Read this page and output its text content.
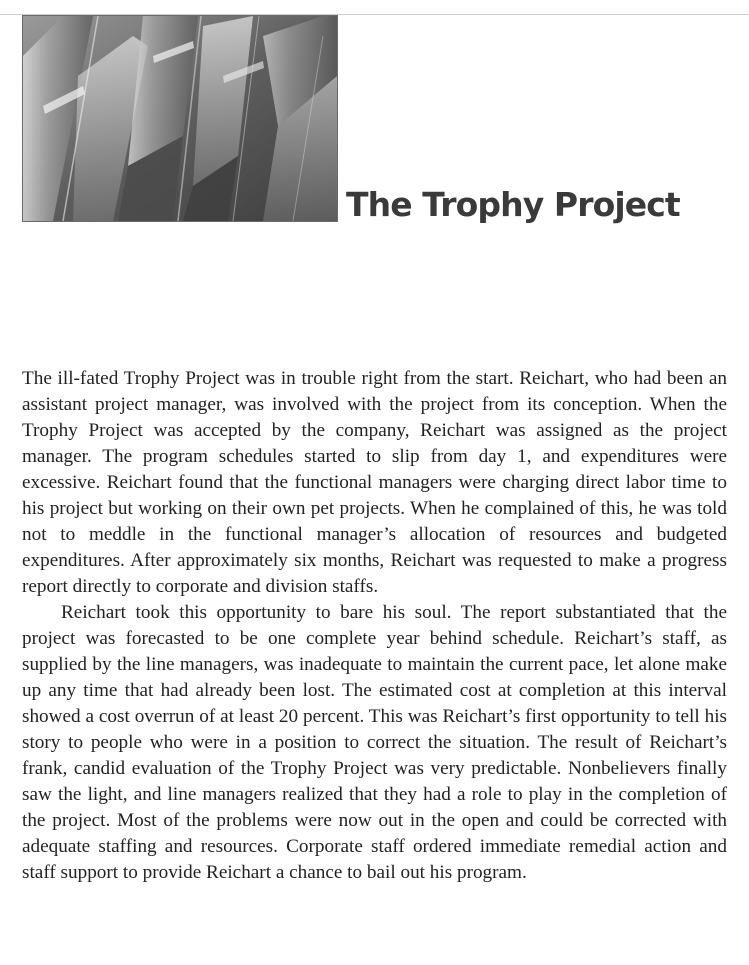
The Trophy Project

The ill-fated Trophy Project was in trouble right from the start. Reichart, who had been an assistant project manager, was involved with the project from its conception. When the Trophy Project was accepted by the company, Reichart was assigned as the project manager. The program schedules started to slip from day 1, and expenditures were excessive. Reichart found that the functional managers were charging direct labor time to his project but working on their own pet projects. When he complained of this, he was told not to meddle in the functional manager’s allocation of resources and budgeted expenditures. After approximately six months, Reichart was requested to make a progress report directly to corporate and division staffs.

Reichart took this opportunity to bare his soul. The report substantiated that the project was forecasted to be one complete year behind schedule. Reichart’s staff, as supplied by the line managers, was inadequate to maintain the current pace, let alone make up any time that had already been lost. The estimated cost at completion at this interval showed a cost overrun of at least 20 percent. This was Reichart’s first opportunity to tell his story to people who were in a position to correct the situation. The result of Reichart’s frank, candid evaluation of the Trophy Project was very predictable. Nonbelievers finally saw the light, and line managers realized that they had a role to play in the completion of the project. Most of the problems were now out in the open and could be corrected with adequate staffing and resources. Corporate staff ordered immediate remedial action and staff support to provide Reichart a chance to bail out his program.
